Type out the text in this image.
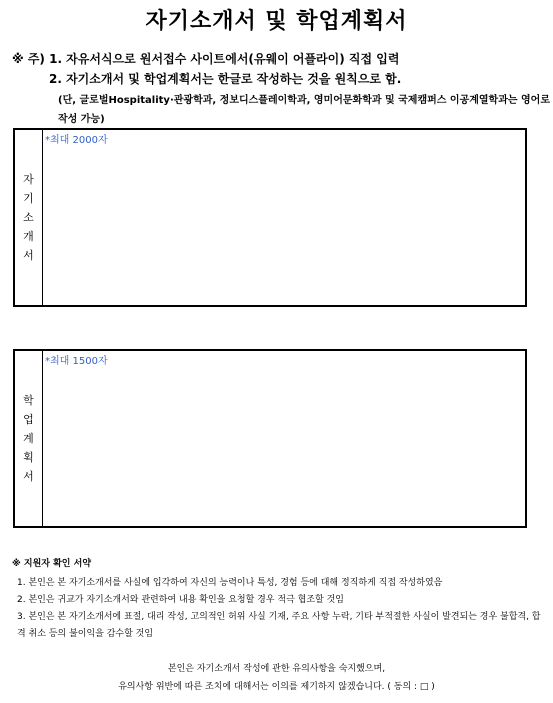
자기소개서 및 학업계획서
※ 주) 1. 자유서식으로 원서접수 사이트에서(유웨이 어플라이) 직접 입력
2. 자기소개서 및 학업계획서는 한글로 작성하는 것을 원칙으로 함.
(단, 글로벌Hospitality·관광학과, 정보디스플레이학과, 영미어문화학과 및 국제캠퍼스 이공계열학과는 영어로 작성 가능)
자기소개서
*최대 2000자
학업계획서
*최대 1500자
※ 지원자 확인 서약
1. 본인은 본 자기소개서를 사실에 입각하여 자신의 능력이나 특성, 경험 등에 대해 정직하게 직접 작성하였음
2. 본인은 귀교가 자기소개서와 관련하여 내용 확인을 요청할 경우 적극 협조할 것임
3. 본인은 본 자기소개서에 표절, 대리 작성, 고의적인 허위 사실 기재, 주요 사항 누락, 기타 부적절한 사실이 발견되는 경우 불합격, 합격 취소 등의 불이익을 감수할 것임
본인은 자기소개서 작성에 관한 유의사항을 숙지했으며,
유의사항 위반에 따른 조치에 대해서는 이의를 제기하지 않겠습니다. ( 동의 : □ )
